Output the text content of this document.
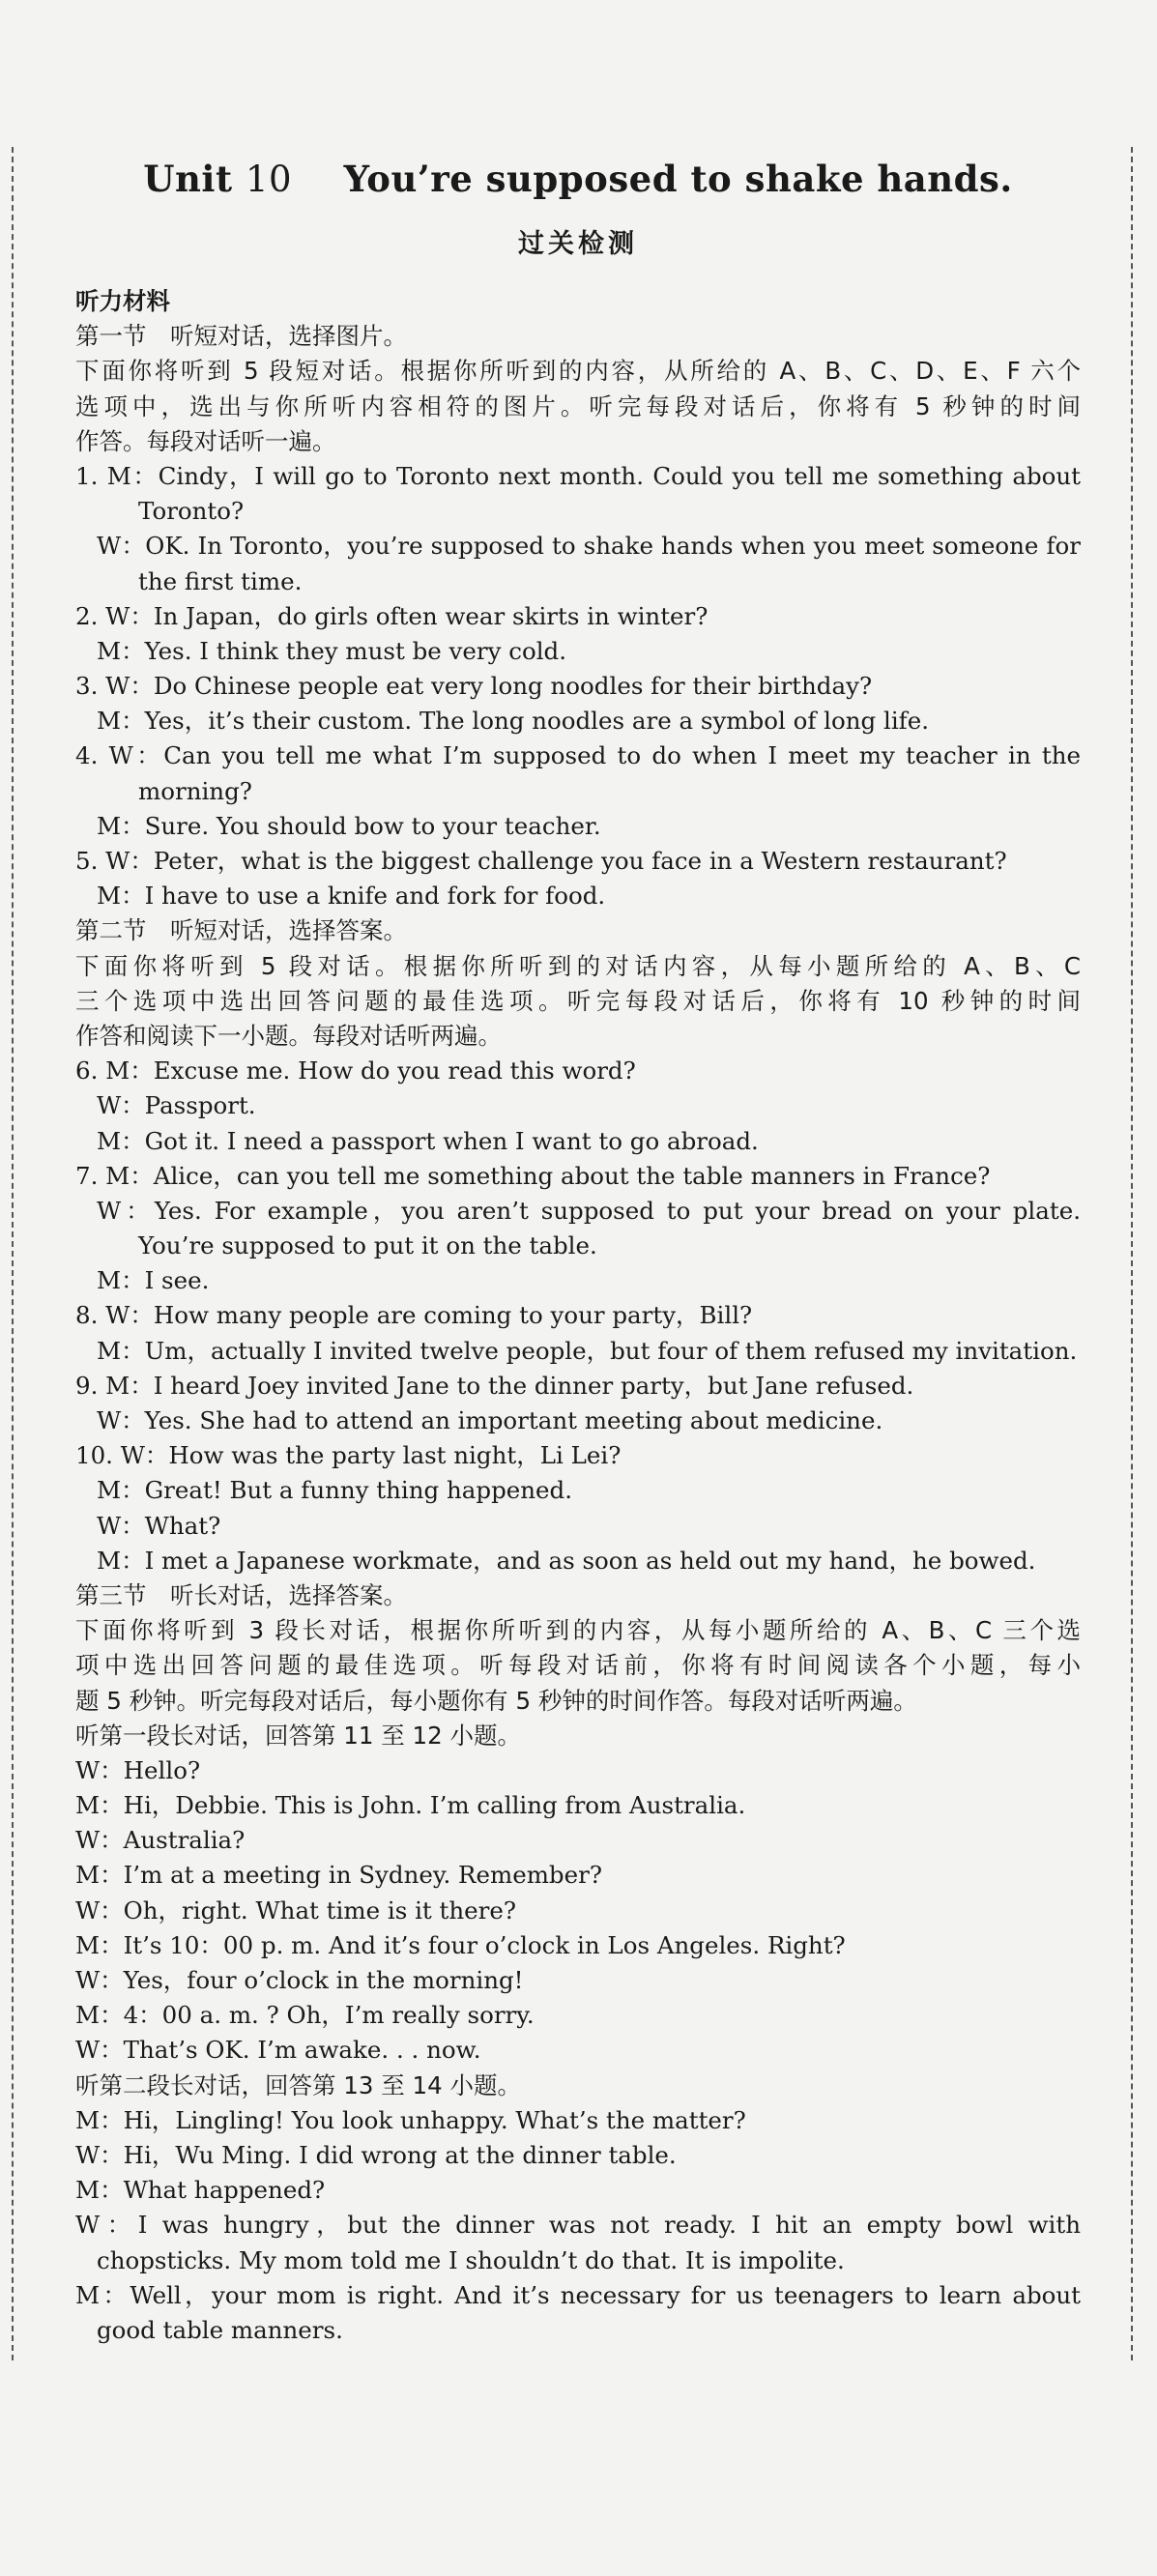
Unit 10 You’re supposed to shake hands.
过关检测
听力材料
第一节　听短对话，选择图片。
下面你将听到 5 段短对话。根据你所听到的内容，从所给的 A、B、C、D、E、F 六个
选项中，选出与你所听内容相符的图片。听完每段对话后，你将有 5 秒钟的时间
作答。每段对话听一遍。
1. M：Cindy，I will go to Toronto next month. Could you tell me something about
Toronto?
W：OK. In Toronto，you’re supposed to shake hands when you meet someone for
the first time.
2. W：In Japan，do girls often wear skirts in winter?
M：Yes. I think they must be very cold.
3. W：Do Chinese people eat very long noodles for their birthday?
M：Yes，it’s their custom. The long noodles are a symbol of long life.
4. W：Can you tell me what I’m supposed to do when I meet my teacher in the
morning?
M：Sure. You should bow to your teacher.
5. W：Peter，what is the biggest challenge you face in a Western restaurant?
M：I have to use a knife and fork for food.
第二节　听短对话，选择答案。
下面你将听到 5 段对话。根据你所听到的对话内容，从每小题所给的 A、B、C
三个选项中选出回答问题的最佳选项。听完每段对话后，你将有 10 秒钟的时间
作答和阅读下一小题。每段对话听两遍。
6. M：Excuse me. How do you read this word?
W：Passport.
M：Got it. I need a passport when I want to go abroad.
7. M：Alice，can you tell me something about the table manners in France?
W：Yes. For example，you aren’t supposed to put your bread on your plate.
You’re supposed to put it on the table.
M：I see.
8. W：How many people are coming to your party，Bill?
M：Um，actually I invited twelve people，but four of them refused my invitation.
9. M：I heard Joey invited Jane to the dinner party，but Jane refused.
W：Yes. She had to attend an important meeting about medicine.
10. W：How was the party last night，Li Lei?
M：Great! But a funny thing happened.
W：What?
M：I met a Japanese workmate，and as soon as held out my hand，he bowed.
第三节　听长对话，选择答案。
下面你将听到 3 段长对话，根据你所听到的内容，从每小题所给的 A、B、C 三个选
项中选出回答问题的最佳选项。听每段对话前，你将有时间阅读各个小题，每小
题 5 秒钟。听完每段对话后，每小题你有 5 秒钟的时间作答。每段对话听两遍。
听第一段长对话，回答第 11 至 12 小题。
W：Hello?
M：Hi，Debbie. This is John. I’m calling from Australia.
W：Australia?
M：I’m at a meeting in Sydney. Remember?
W：Oh，right. What time is it there?
M：It’s 10：00 p. m. And it’s four o’clock in Los Angeles. Right?
W：Yes，four o’clock in the morning!
M：4：00 a. m. ? Oh，I’m really sorry.
W：That’s OK. I’m awake. . . now.
听第二段长对话，回答第 13 至 14 小题。
M：Hi，Lingling! You look unhappy. What’s the matter?
W：Hi，Wu Ming. I did wrong at the dinner table.
M：What happened?
W：I was hungry，but the dinner was not ready. I hit an empty bowl with
chopsticks. My mom told me I shouldn’t do that. It is impolite.
M：Well，your mom is right. And it’s necessary for us teenagers to learn about
good table manners.
